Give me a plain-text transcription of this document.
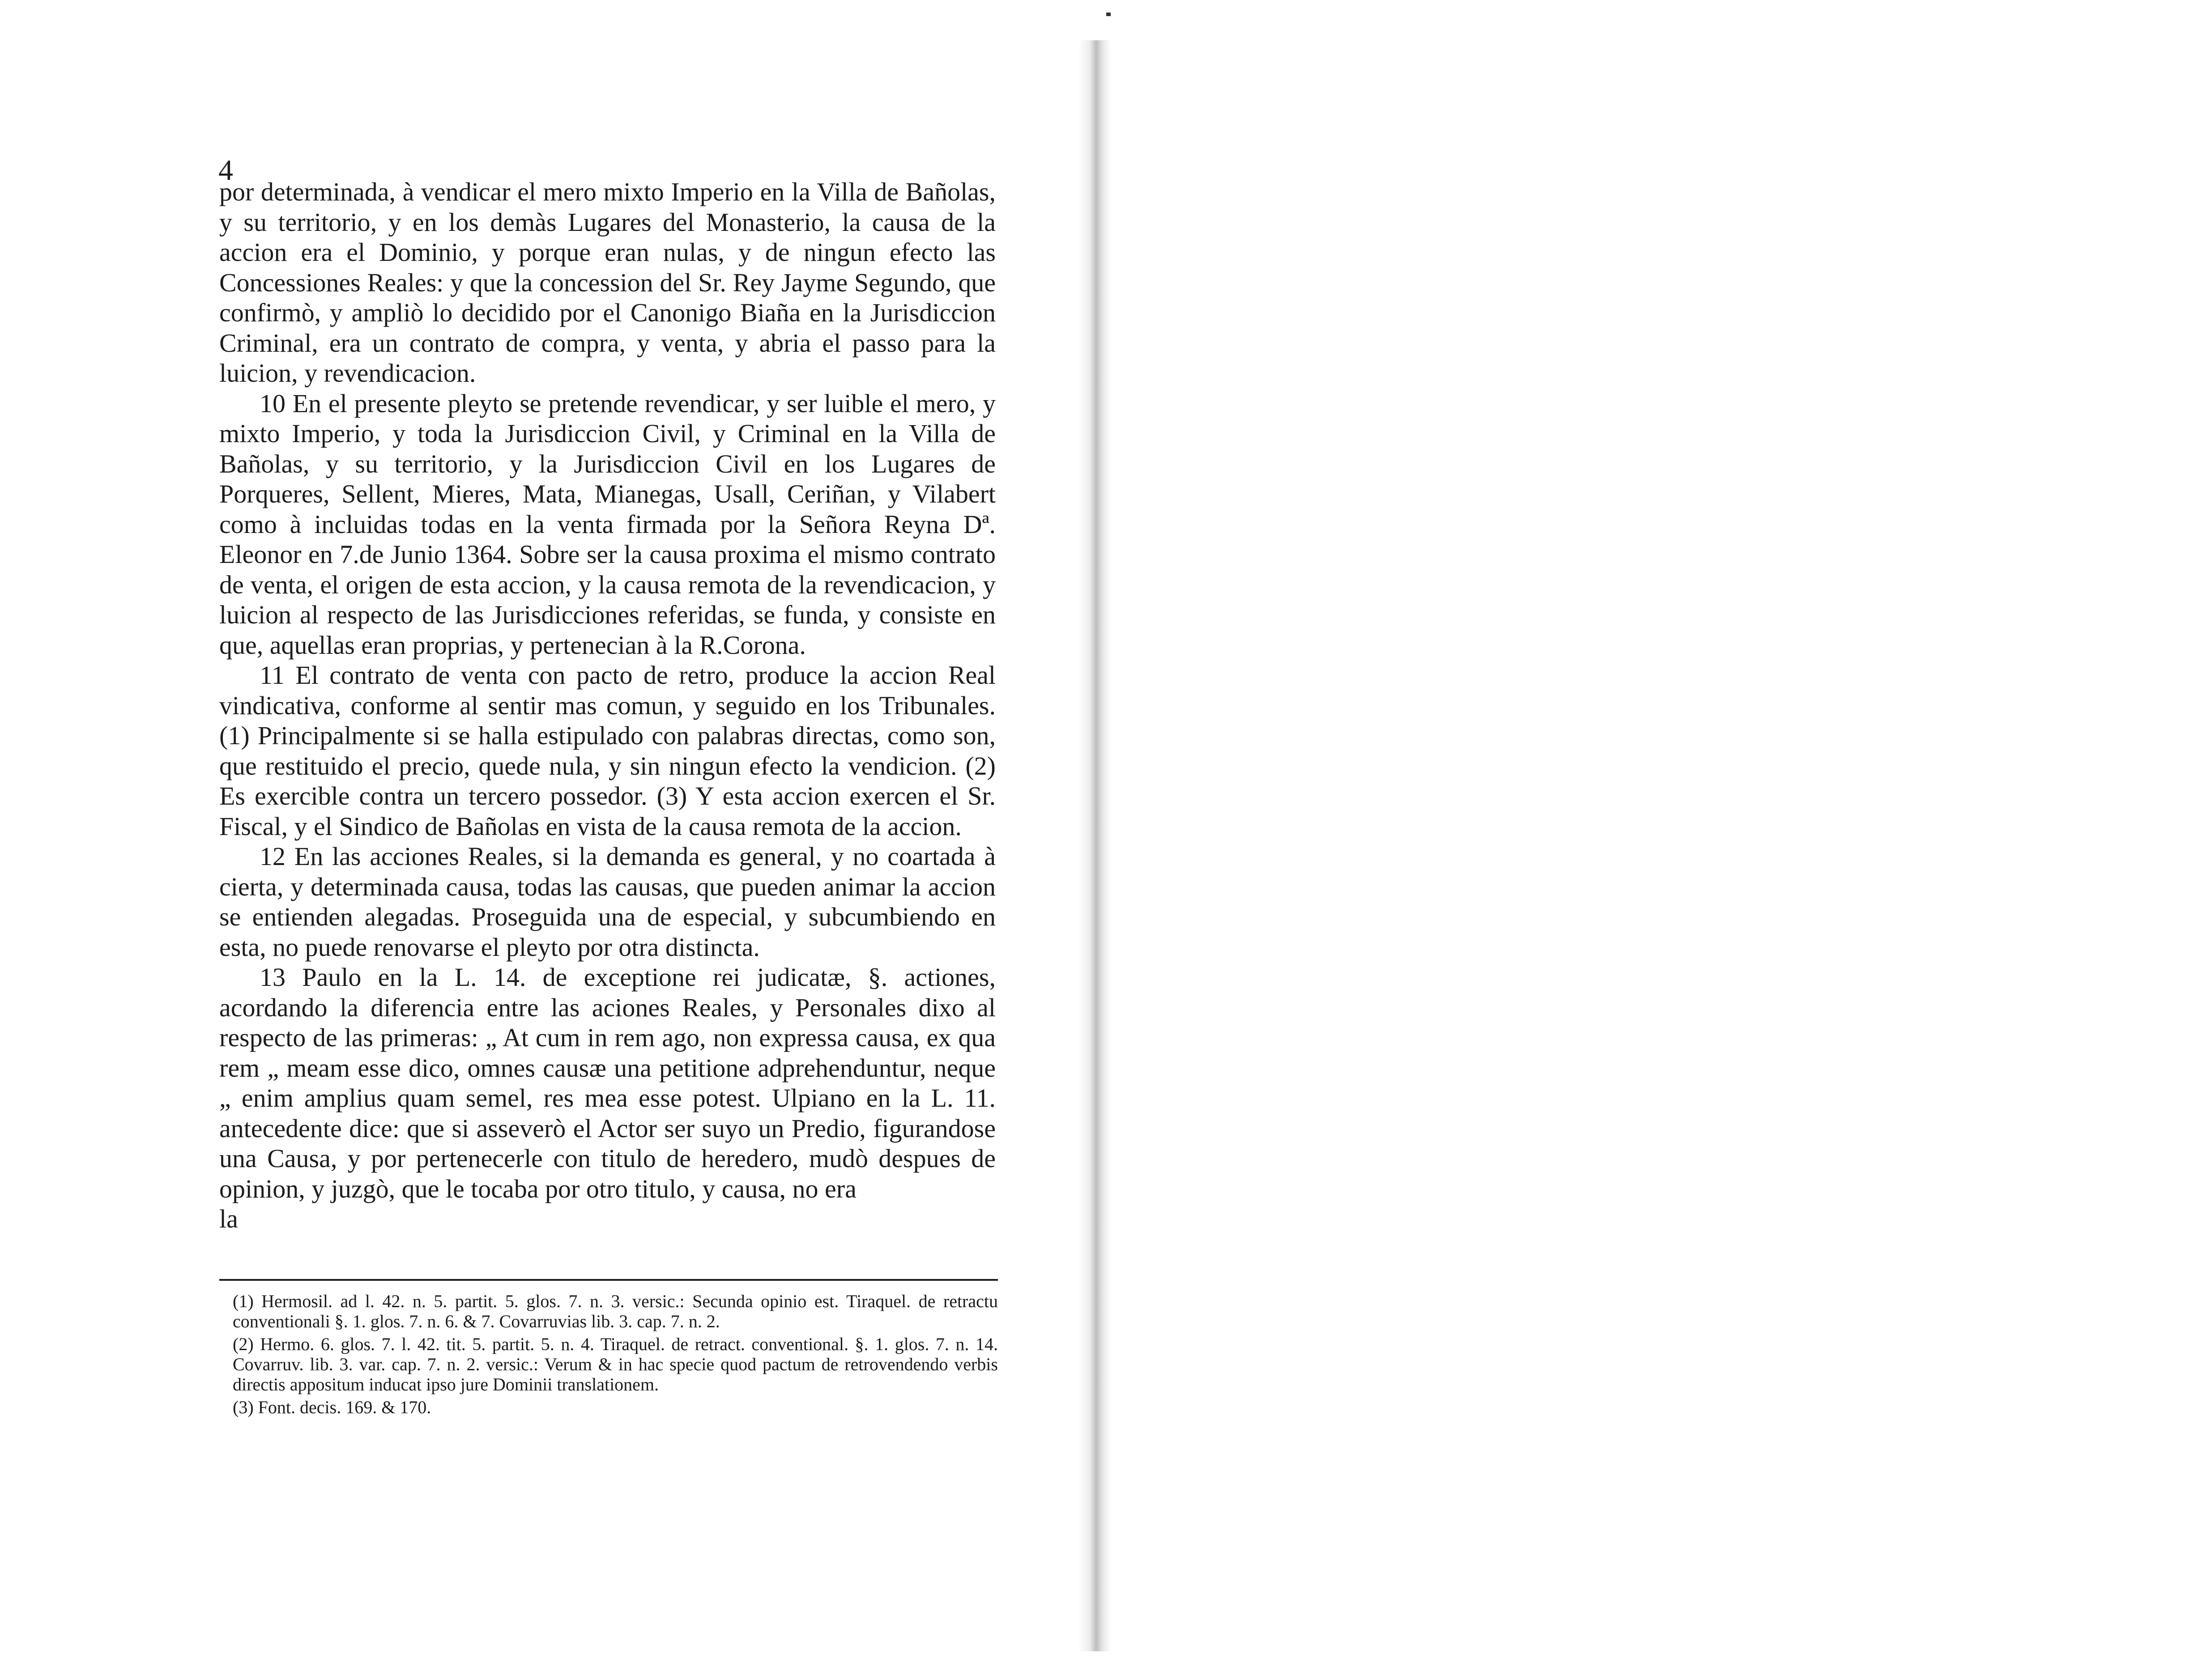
4

por determinada, à vendicar el mero mixto Imperio en la Villa de Bañolas, y su territorio, y en los demàs Lugares del Monasterio, la causa de la accion era el Dominio, y porque eran nulas, y de ningun efecto las Concessiones Reales: y que la concession del Sr. Rey Jayme Segundo, que confirmò, y ampliò lo decidido por el Canonigo Biaña en la Jurisdiccion Criminal, era un contrato de compra, y venta, y abria el passo para la luicion, y revendicacion.

10 En el presente pleyto se pretende revendicar, y ser luible el mero, y mixto Imperio, y toda la Jurisdiccion Civil, y Criminal en la Villa de Bañolas, y su territorio, y la Jurisdiccion Civil en los Lugares de Porqueres, Sellent, Mieres, Mata, Mianegas, Usall, Ceriñan, y Vilabert como à incluidas todas en la venta firmada por la Señora Reyna Dª. Eleonor en 7.de Junio 1364. Sobre ser la causa proxima el mismo contrato de venta, el origen de esta accion, y la causa remota de la revendicacion, y luicion al respecto de las Jurisdicciones referidas, se funda, y consiste en que, aquellas eran proprias, y pertenecian à la R.Corona.

11 El contrato de venta con pacto de retro, produce la accion Real vindicativa, conforme al sentir mas comun, y seguido en los Tribunales. (1) Principalmente si se halla estipulado con palabras directas, como son, que restituido el precio, quede nula, y sin ningun efecto la vendicion. (2) Es exercible contra un tercero possedor. (3) Y esta accion exercen el Sr. Fiscal, y el Sindico de Bañolas en vista de la causa remota de la accion.

12 En las acciones Reales, si la demanda es general, y no coartada à cierta, y determinada causa, todas las causas, que pueden animar la accion se entienden alegadas. Proseguida una de especial, y subcumbiendo en esta, no puede renovarse el pleyto por otra distincta.

13 Paulo en la L. 14. de exceptione rei judicatæ, §. actiones, acordando la diferencia entre las aciones Reales, y Personales dixo al respecto de las primeras: „ At cum in rem ago, non expressa causa, ex qua rem „ meam esse dico, omnes causæ una petitione adprehenduntur, neque „ enim amplius quam semel, res mea esse potest. Ulpiano en la L. 11. antecedente dice: que si asseverò el Actor ser suyo un Predio, figurandose una Causa, y por pertenecerle con titulo de heredero, mudò despues de opinion, y juzgò, que le tocaba por otro titulo, y causa, no era

la

(1) Hermosil. ad l. 42. n. 5. partit. 5. glos. 7. n. 3. versic.: Secunda opinio est. Tiraquel. de retractu conventionali §. 1. glos. 7. n. 6. & 7. Covarruvias lib. 3. cap. 7. n. 2.

(2) Hermo. 6. glos. 7. l. 42. tit. 5. partit. 5. n. 4. Tiraquel. de retract. conventional. §. 1. glos. 7. n. 14. Covarruv. lib. 3. var. cap. 7. n. 2. versic.: Verum & in hac specie quod pactum de retrovendendo verbis directis appositum inducat ipso jure Dominii translationem.

(3) Font. decis. 169. & 170.
